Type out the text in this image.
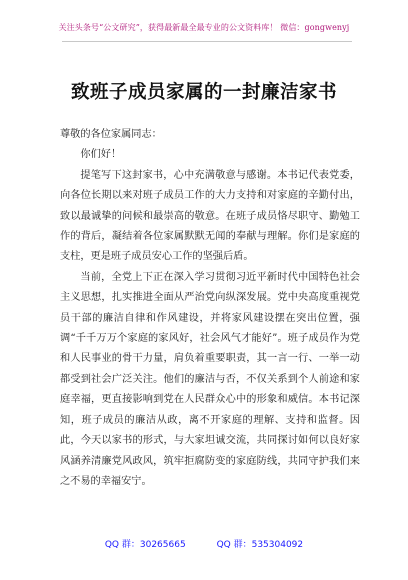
关注头条号“公文研究”，获得最新最全最专业的公文资料库！ 微信：gongwenyj
致班子成员家属的一封廉洁家书

尊敬的各位家属同志：

你们好！

提笔写下这封家书，心中充满敬意与感谢。本书记代表党委，向各位长期以来对班子成员工作的大力支持和对家庭的辛勤付出，致以最诚挚的问候和最崇高的敬意。在班子成员恪尽职守、勤勉工作的背后，凝结着各位家属默默无闻的奉献与理解。你们是家庭的支柱，更是班子成员安心工作的坚强后盾。

当前，全党上下正在深入学习贯彻习近平新时代中国特色社会主义思想，扎实推进全面从严治党向纵深发展。党中央高度重视党员干部的廉洁自律和作风建设，并将家风建设摆在突出位置，强调“千千万万个家庭的家风好，社会风气才能好”。班子成员作为党和人民事业的骨干力量，肩负着重要职责，其一言一行、一举一动都受到社会广泛关注。他们的廉洁与否，不仅关系到个人前途和家庭幸福，更直接影响到党在人民群众心中的形象和威信。本书记深知，班子成员的廉洁从政，离不开家庭的理解、支持和监督。因此，今天以家书的形式，与大家坦诚交流，共同探讨如何以良好家风涵养清廉党风政风，筑牢拒腐防变的家庭防线，共同守护我们来之不易的幸福安宁。

QQ 群：30265665	QQ 群：535304092
